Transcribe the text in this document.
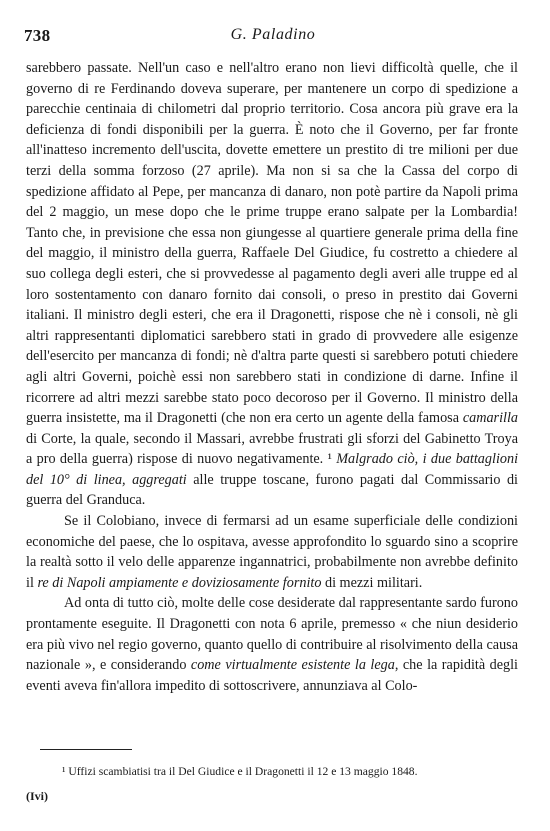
738	G. Paladino

sarebbero passate. Nell'un caso e nell'altro erano non lievi difficoltà quelle, che il governo di re Ferdinando doveva superare, per mantenere un corpo di spedizione a parecchie centinaia di chilometri dal proprio territorio. Cosa ancora più grave era la deficienza di fondi disponibili per la guerra. È noto che il Governo, per far fronte all'inatteso incremento dell'uscita, dovette emettere un prestito di tre milioni per due terzi della somma forzoso (27 aprile). Ma non si sa che la Cassa del corpo di spedizione affidato al Pepe, per mancanza di danaro, non potè partire da Napoli prima del 2 maggio, un mese dopo che le prime truppe erano salpate per la Lombardia! Tanto che, in previsione che essa non giungesse al quartiere generale prima della fine del maggio, il ministro della guerra, Raffaele Del Giudice, fu costretto a chiedere al suo collega degli esteri, che si provvedesse al pagamento degli averi alle truppe ed al loro sostentamento con danaro fornito dai consoli, o preso in prestito dai Governi italiani. Il ministro degli esteri, che era il Dragonetti, rispose che nè i consoli, nè gli altri rappresentanti diplomatici sarebbero stati in grado di provvedere alle esigenze dell'esercito per mancanza di fondi; nè d'altra parte questi si sarebbero potuti chiedere agli altri Governi, poichè essi non sarebbero stati in condizione di darne. Infine il ricorrere ad altri mezzi sarebbe stato poco decoroso per il Governo. Il ministro della guerra insistette, ma il Dragonetti (che non era certo un agente della famosa camarilla di Corte, la quale, secondo il Massari, avrebbe frustrati gli sforzi del Gabinetto Troya a pro della guerra) rispose di nuovo negativamente. ¹ Malgrado ciò, i due battaglioni del 10° di linea, aggregati alle truppe toscane, furono pagati dal Commissario di guerra del Granduca.

Se il Colobiano, invece di fermarsi ad un esame superficiale delle condizioni economiche del paese, che lo ospitava, avesse approfondito lo sguardo sino a scoprire la realtà sotto il velo delle apparenze ingannatrici, probabilmente non avrebbe definito il re di Napoli ampiamente e doviziosamente fornito di mezzi militari.

Ad onta di tutto ciò, molte delle cose desiderate dal rappresentante sardo furono prontamente eseguite. Il Dragonetti con nota 6 aprile, premesso « che niun desiderio era più vivo nel regio governo, quanto quello di contribuire al risolvimento della causa nazionale », e considerando come virtualmente esistente la lega, che la rapidità degli eventi aveva fin'allora impedito di sottoscrivere, annunziava al Colo-

¹ Uffizi scambiatisi tra il Del Giudice e il Dragonetti il 12 e 13 maggio 1848.
(Ivi)
